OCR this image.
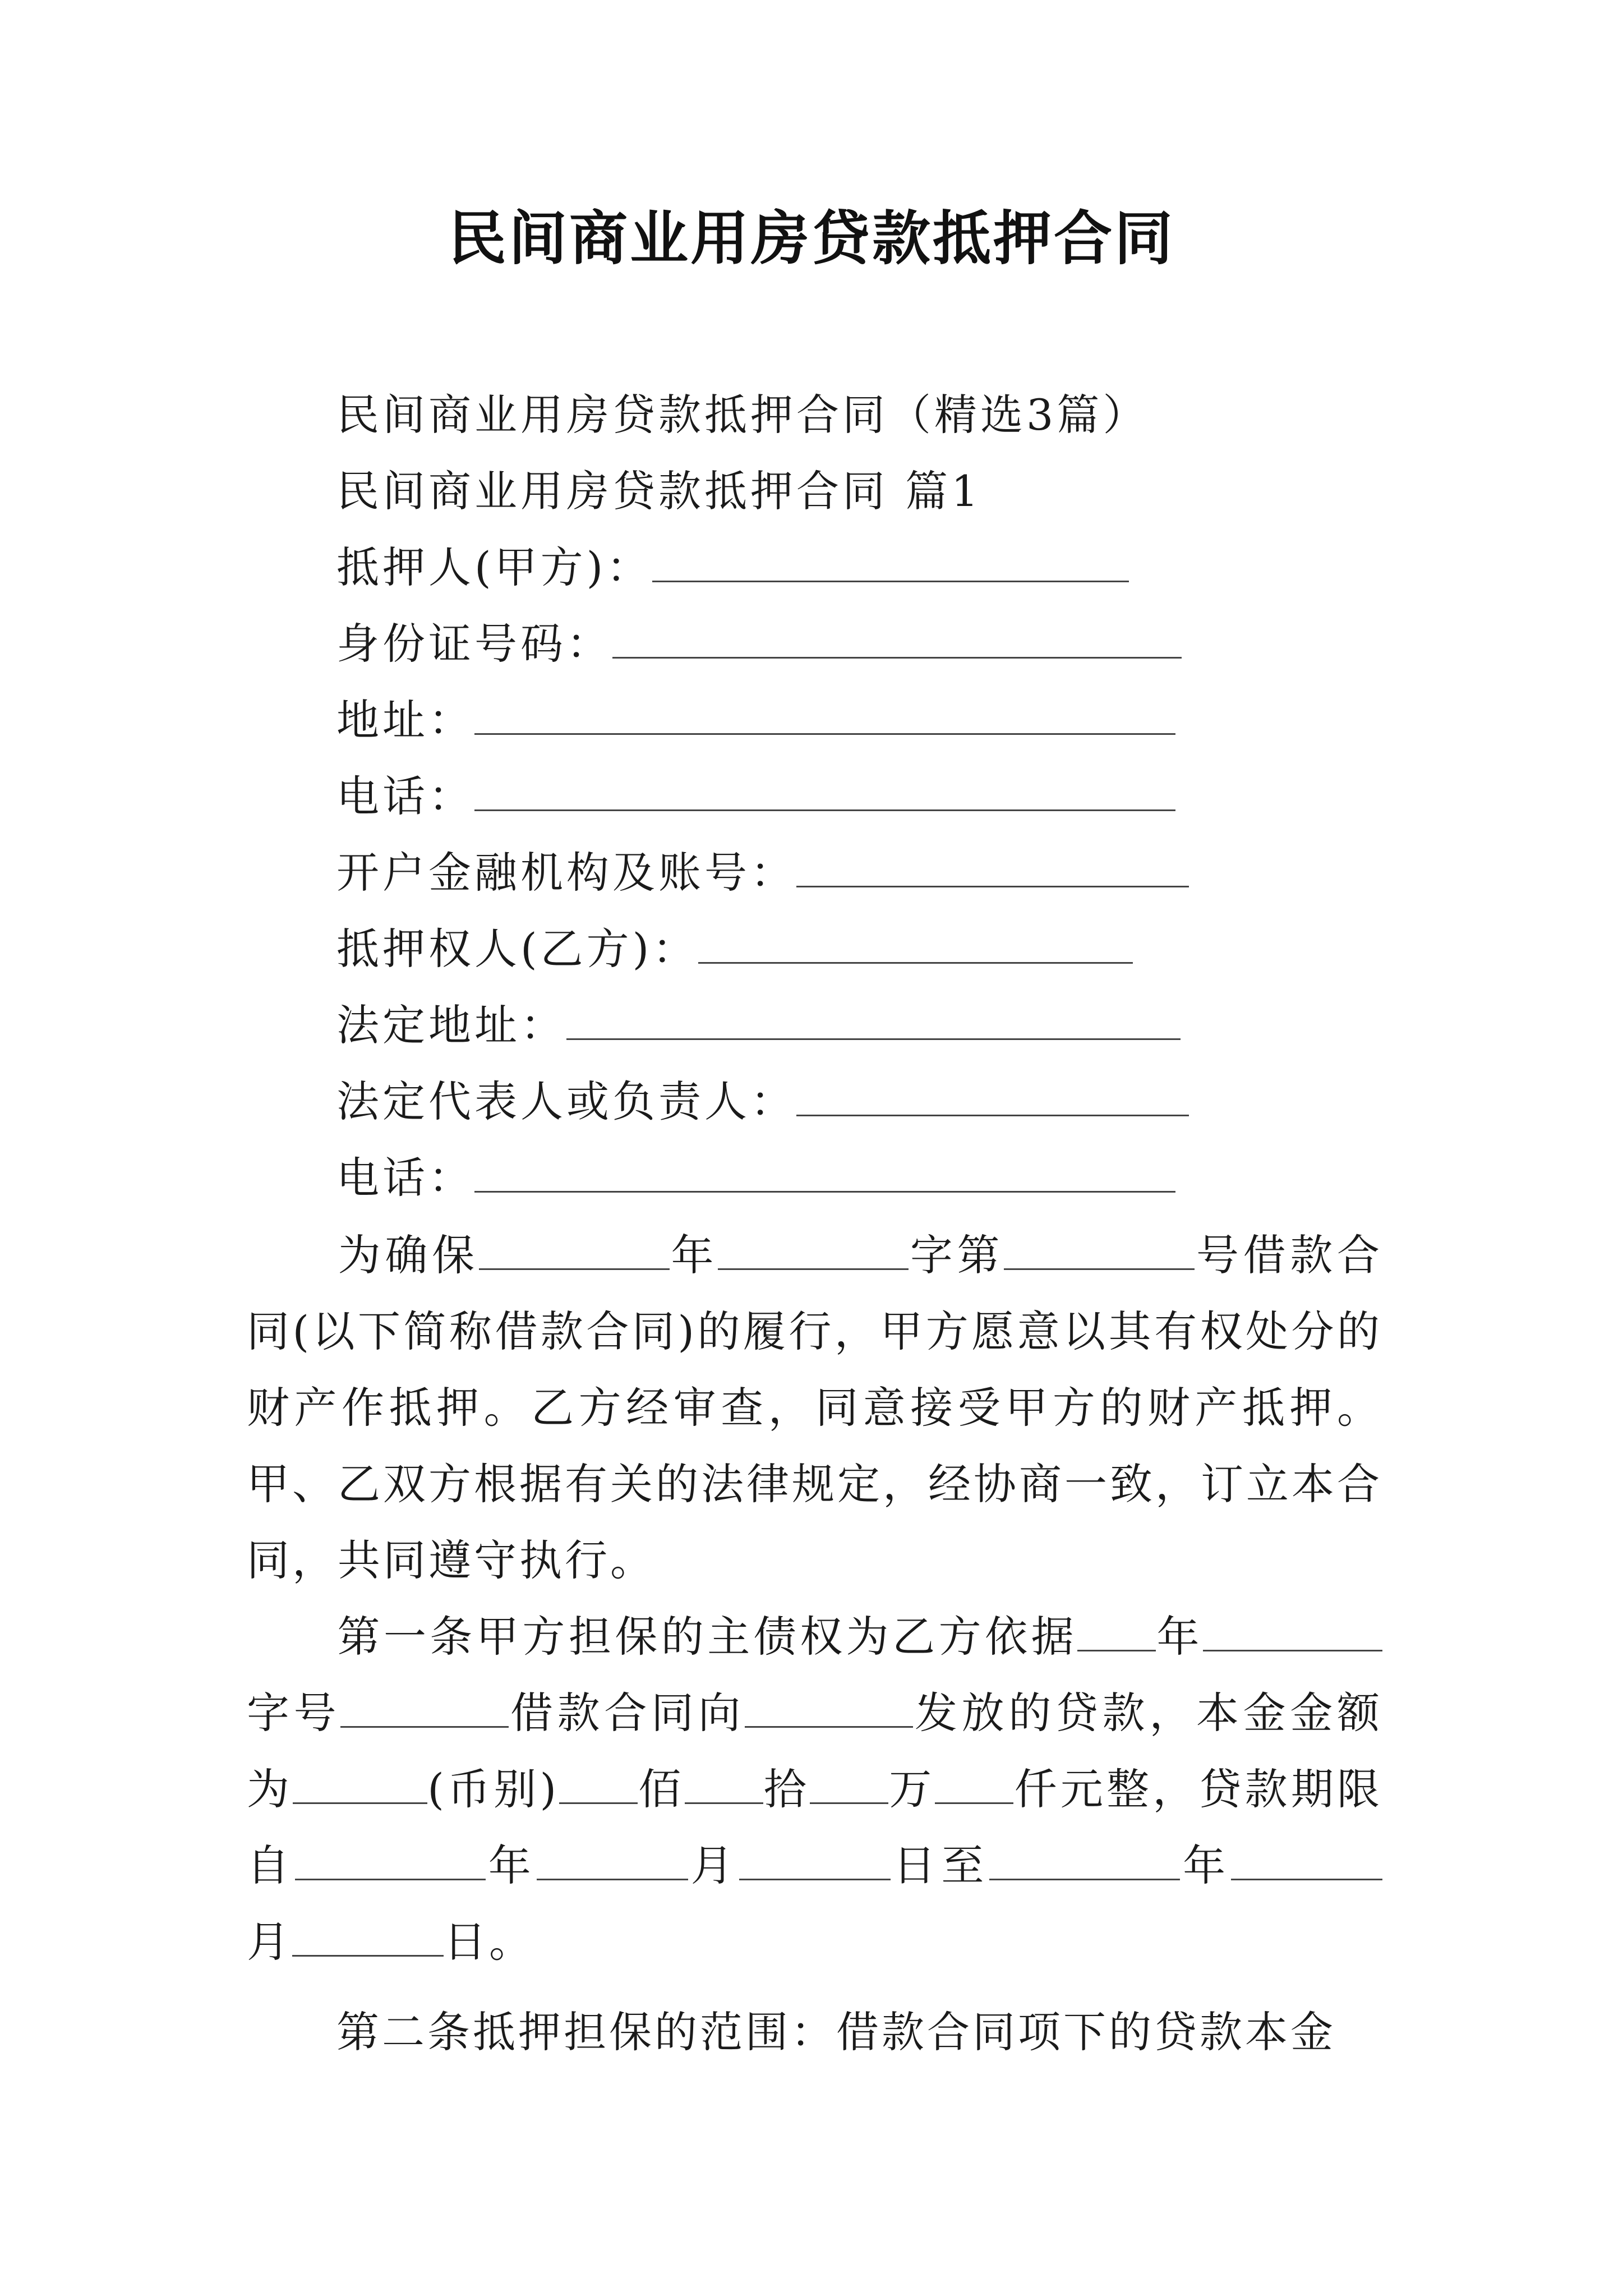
民间商业用房贷款抵押合同
民间商业用房贷款抵押合同（精选3篇）
民间商业用房贷款抵押合同 篇1
抵押人(甲方)：
身份证号码：
地址：
电话：
开户金融机构及账号：
抵押权人(乙方)：
法定地址：
法定代表人或负责人：
电话：
为确保	年	字第	号借款合同(以下简称借款合同)的履行，甲方愿意以其有权处分的财产作抵押。乙方经审查，同意接受甲方的财产抵押。甲、乙双方根据有关的法律规定，经协商一致，订立本合同，共同遵守执行。
第一条甲方担保的主债权为乙方依据 年字号	借款合同向	发放的贷款，本金金额为	(币别) 佰 拾 万 仟元整，贷款期限自	年	月	日至	年月	日。
第二条抵押担保的范围：借款合同项下的贷款本金
